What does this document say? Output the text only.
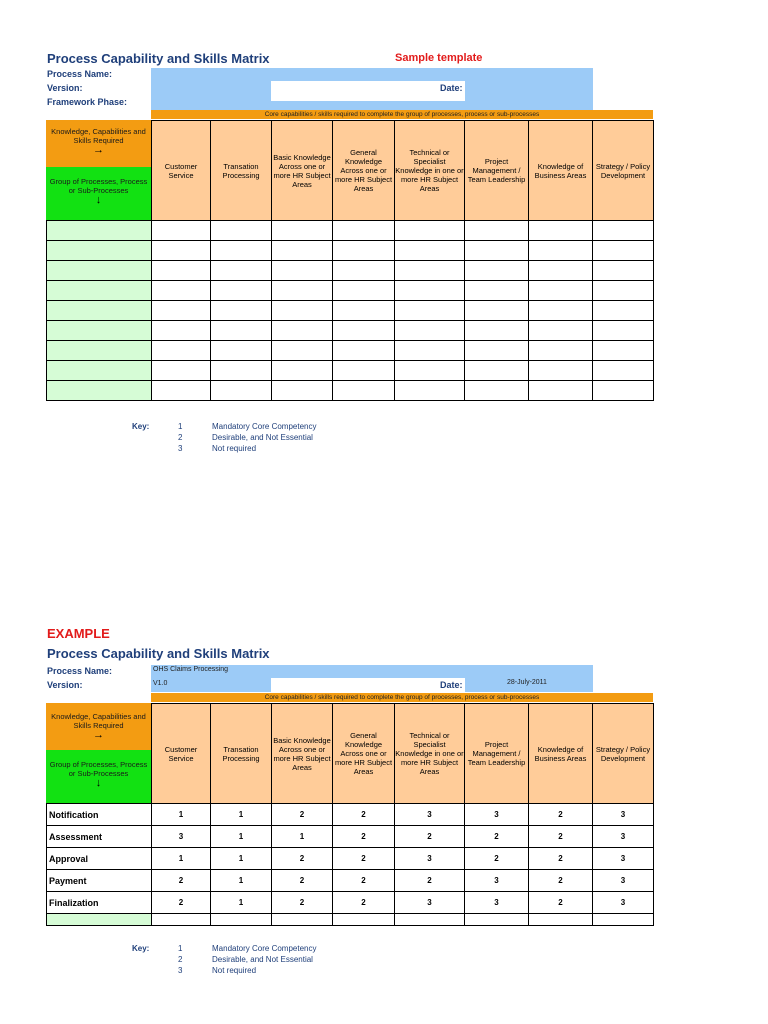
Process Capability and Skills Matrix	Sample template
Process Name:
Version:
Framework Phase:
Date:
Core capabilities / skills required to complete the group of processes, process or sub-processes
Knowledge, Capabilities and Skills Required
→
Group of Processes, Process or Sub-Processes
↓
	Customer Service	Transation Processing	Basic Knowledge Across one or more HR Subject Areas	General Knowledge Across one or more HR Subject Areas	Technical or Specialist Knowledge in one or more HR Subject Areas	Project Management / Team Leadership	Knowledge of Business Areas	Strategy / Policy Development

Key:	1	Mandatory Core Competency
2	Desirable, and Not Essential
3	Not required
EXAMPLE
Process Capability and Skills Matrix
Process Name:
Version:
OHS Claims Processing
V1.0	Date:	28-July-2011
Core capabilities / skills required to complete the group of processes, process or sub-processes
Knowledge, Capabilities and Skills Required
→
Group of Processes, Process or Sub-Processes
↓
	Customer Service	Transation Processing	Basic Knowledge Across one or more HR Subject Areas	General Knowledge Across one or more HR Subject Areas	Technical or Specialist Knowledge in one or more HR Subject Areas	Project Management / Team Leadership	Knowledge of Business Areas	Strategy / Policy Development
Notification	1	1	2	2	3	3	2	3
Assessment	3	1	1	2	2	2	2	3
Approval	1	1	2	2	3	2	2	3
Payment	2	1	2	2	2	3	2	3
Finalization	2	1	2	2	3	3	2	3

Key:	1	Mandatory Core Competency
2	Desirable, and Not Essential
3	Not required
